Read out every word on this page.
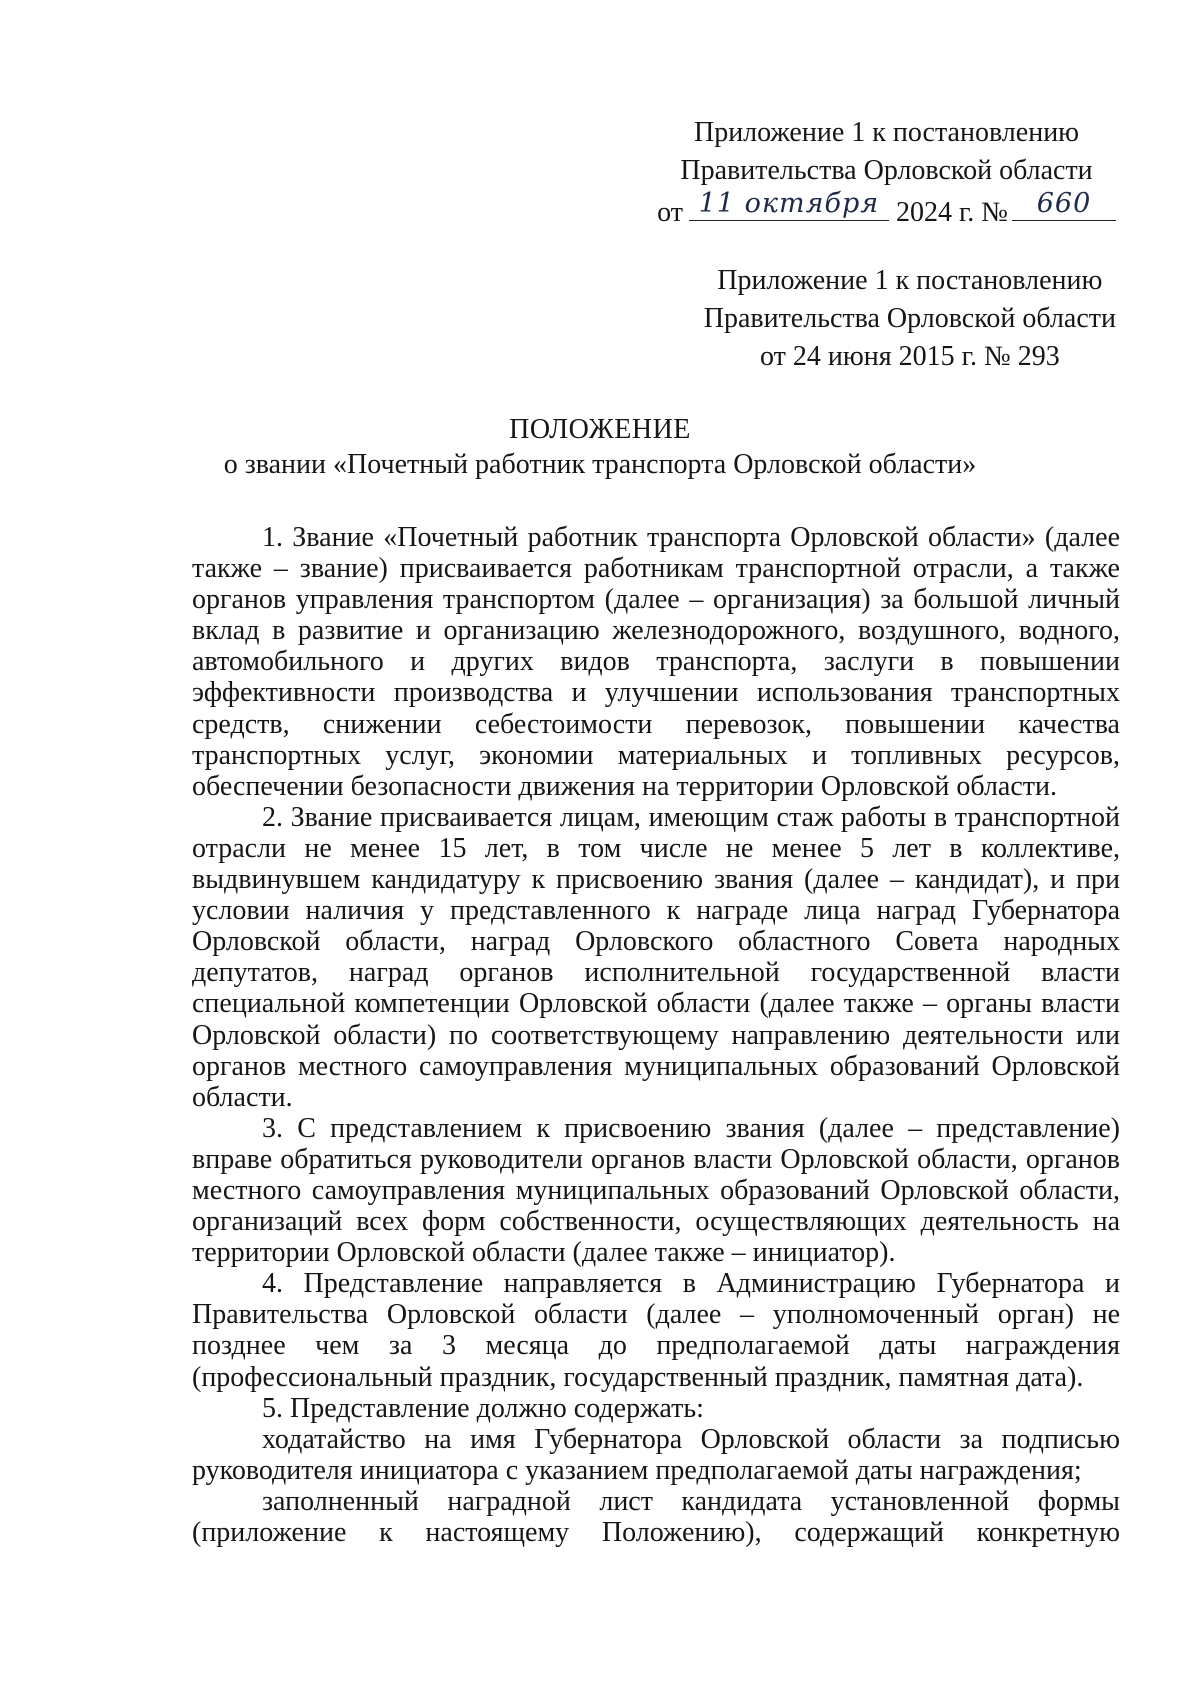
Приложение 1 к постановлению
Правительства Орловской области
от 11 октября 2024 г. №	660
Приложение 1 к постановлению
Правительства Орловской области
от 24 июня 2015 г. № 293
ПОЛОЖЕНИЕ
о звании «Почетный работник транспорта Орловской области»

1. Звание «Почетный работник транспорта Орловской области» (далее также – звание) присваивается работникам транспортной отрасли, а также органов управления транспортом (далее – организация) за большой личный вклад в развитие и организацию железнодорожного, воздушного, водного, автомобильного и других видов транспорта, заслуги в повышении эффективности производства и улучшении использования транспортных средств, снижении себестоимости перевозок, повышении качества транспортных услуг, экономии материальных и топливных ресурсов, обеспечении безопасности движения на территории Орловской области.

2. Звание присваивается лицам, имеющим стаж работы в транспортной отрасли не менее 15 лет, в том числе не менее 5 лет в коллективе, выдвинувшем кандидатуру к присвоению звания (далее – кандидат), и при условии наличия у представленного к награде лица наград Губернатора Орловской области, наград Орловского областного Совета народных депутатов, наград органов исполнительной государственной власти специальной компетенции Орловской области (далее также – органы власти Орловской области) по соответствующему направлению деятельности или органов местного самоуправления муниципальных образований Орловской области.

3. С представлением к присвоению звания (далее – представление) вправе обратиться руководители органов власти Орловской области, органов местного самоуправления муниципальных образований Орловской области, организаций всех форм собственности, осуществляющих деятельность на территории Орловской области (далее также – инициатор).

4. Представление направляется в Администрацию Губернатора и Правительства Орловской области (далее – уполномоченный орган) не позднее чем за 3 месяца до предполагаемой даты награждения (профессиональный праздник, государственный праздник, памятная дата).

5. Представление должно содержать:

ходатайство на имя Губернатора Орловской области за подписью руководителя инициатора с указанием предполагаемой даты награждения;

заполненный наградной лист кандидата установленной формы (приложение к настоящему Положению), содержащий конкретную
